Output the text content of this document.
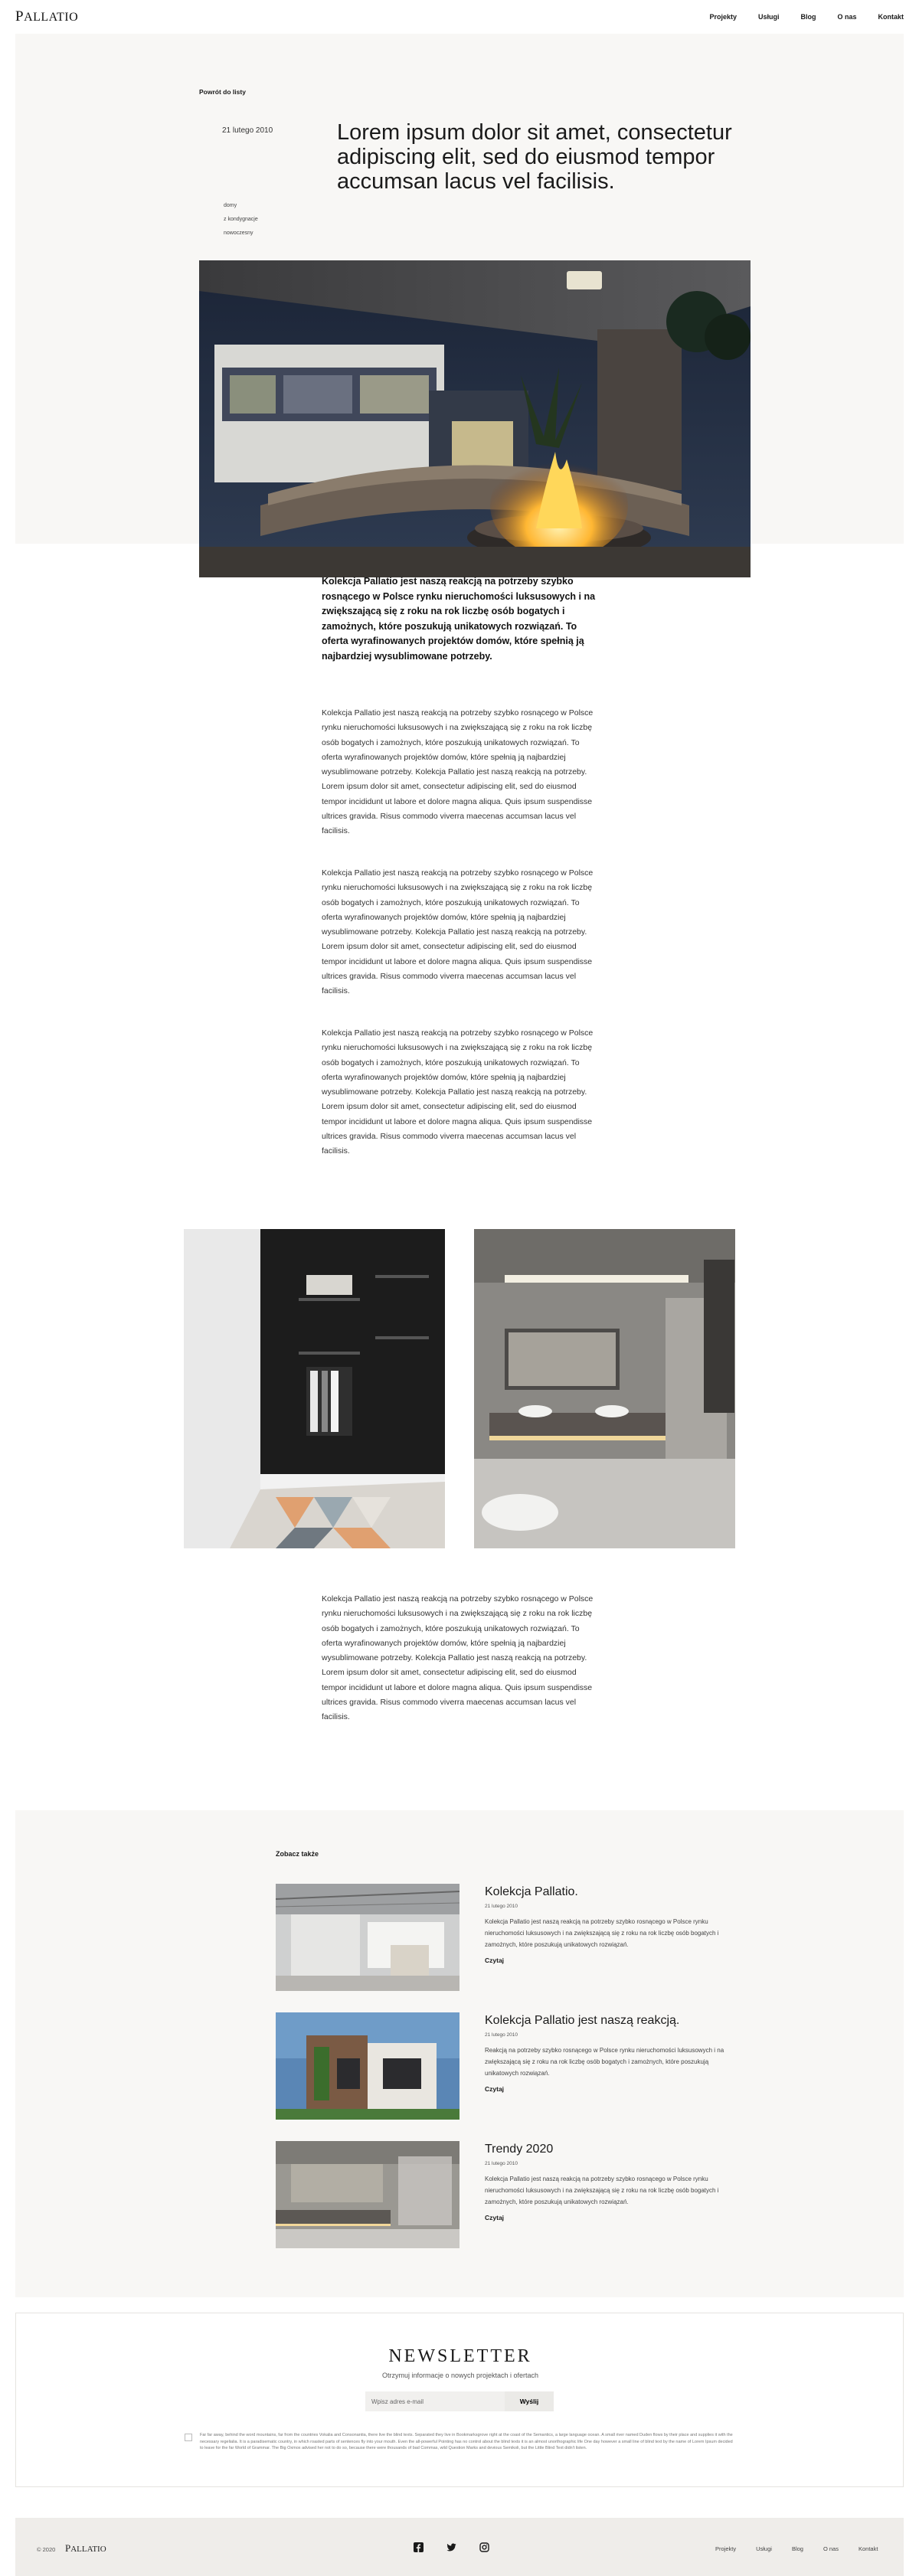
PALLATIO	Projekty	Usługi	Blog	O nas	Kontakt
Powrót do listy
21 lutego 2010
domy
z kondygnacje
nowoczesny
Lorem ipsum dolor sit amet, consectetur adipiscing elit, sed do eiusmod tempor accumsan lacus vel facilisis.
Kolekcja Pallatio jest naszą reakcją na potrzeby szybko rosnącego w Polsce rynku nieruchomości luksusowych i na zwiększającą się z roku na rok liczbę osób bogatych i zamożnych, które poszukują unikatowych rozwiązań. To oferta wyrafinowanych projektów domów, które spełnią ją najbardziej wysublimowane potrzeby.
Kolekcja Pallatio jest naszą reakcją na potrzeby szybko rosnącego w Polsce rynku nieruchomości luksusowych i na zwiększającą się z roku na rok liczbę osób bogatych i zamożnych, które poszukują unikatowych rozwiązań. To oferta wyrafinowanych projektów domów, które spełnią ją najbardziej wysublimowane potrzeby. Kolekcja Pallatio jest naszą reakcją na potrzeby. Lorem ipsum dolor sit amet, consectetur adipiscing elit, sed do eiusmod tempor incididunt ut labore et dolore magna aliqua. Quis ipsum suspendisse ultrices gravida. Risus commodo viverra maecenas accumsan lacus vel facilisis.
Kolekcja Pallatio jest naszą reakcją na potrzeby szybko rosnącego w Polsce rynku nieruchomości luksusowych i na zwiększającą się z roku na rok liczbę osób bogatych i zamożnych, które poszukują unikatowych rozwiązań. To oferta wyrafinowanych projektów domów, które spełnią ją najbardziej wysublimowane potrzeby. Kolekcja Pallatio jest naszą reakcją na potrzeby. Lorem ipsum dolor sit amet, consectetur adipiscing elit, sed do eiusmod tempor incididunt ut labore et dolore magna aliqua. Quis ipsum suspendisse ultrices gravida. Risus commodo viverra maecenas accumsan lacus vel facilisis.
Kolekcja Pallatio jest naszą reakcją na potrzeby szybko rosnącego w Polsce rynku nieruchomości luksusowych i na zwiększającą się z roku na rok liczbę osób bogatych i zamożnych, które poszukują unikatowych rozwiązań. To oferta wyrafinowanych projektów domów, które spełnią ją najbardziej wysublimowane potrzeby. Kolekcja Pallatio jest naszą reakcją na potrzeby. Lorem ipsum dolor sit amet, consectetur adipiscing elit, sed do eiusmod tempor incididunt ut labore et dolore magna aliqua. Quis ipsum suspendisse ultrices gravida. Risus commodo viverra maecenas accumsan lacus vel facilisis.
Kolekcja Pallatio jest naszą reakcją na potrzeby szybko rosnącego w Polsce rynku nieruchomości luksusowych i na zwiększającą się z roku na rok liczbę osób bogatych i zamożnych, które poszukują unikatowych rozwiązań. To oferta wyrafinowanych projektów domów, które spełnią ją najbardziej wysublimowane potrzeby. Kolekcja Pallatio jest naszą reakcją na potrzeby. Lorem ipsum dolor sit amet, consectetur adipiscing elit, sed do eiusmod tempor incididunt ut labore et dolore magna aliqua. Quis ipsum suspendisse ultrices gravida. Risus commodo viverra maecenas accumsan lacus vel facilisis.
Zobacz także
Kolekcja Pallatio.
21 lutego 2010
Kolekcja Pallatio jest naszą reakcją na potrzeby szybko rosnącego w Polsce rynku nieruchomości luksusowych i na zwiększającą się z roku na rok liczbę osób bogatych i zamożnych, które poszukują unikatowych rozwiązań.
Czytaj
Kolekcja Pallatio jest naszą reakcją.
21 lutego 2010
Reakcją na potrzeby szybko rosnącego w Polsce rynku nieruchomości luksusowych i na zwiększającą się z roku na rok liczbę osób bogatych i zamożnych, które poszukują unikatowych rozwiązań.
Czytaj
Trendy 2020
21 lutego 2010
Kolekcja Pallatio jest naszą reakcją na potrzeby szybko rosnącego w Polsce rynku nieruchomości luksusowych i na zwiększającą się z roku na rok liczbę osób bogatych i zamożnych, które poszukują unikatowych rozwiązań.
Czytaj
NEWSLETTER
Otrzymuj informacje o nowych projektach i ofertach
Wpisz adres e-mail
Wyślij
Far far away, behind the word mountains, far from the countries Vokalia and Consonantia, there live the blind texts. Separated they live in Bookmarksgrove right at the coast of the Semantics, a large language ocean. A small river named Duden flows by their place and supplies it with the necessary regelialia. It is a paradisematic country, in which roasted parts of sentences fly into your mouth. Even the all-powerful Pointing has no control about the blind texts it is an almost unorthographic life One day however a small line of blind text by the name of Lorem Ipsum decided to leave for the far World of Grammar. The Big Oxmox advised her not to do so, because there were thousands of bad Commas, wild Question Marks and devious Semikoli, but the Little Blind Text didn't listen.
© 2020 PALLATIO	Projekty	Usługi	Blog	O nas	Kontakt
